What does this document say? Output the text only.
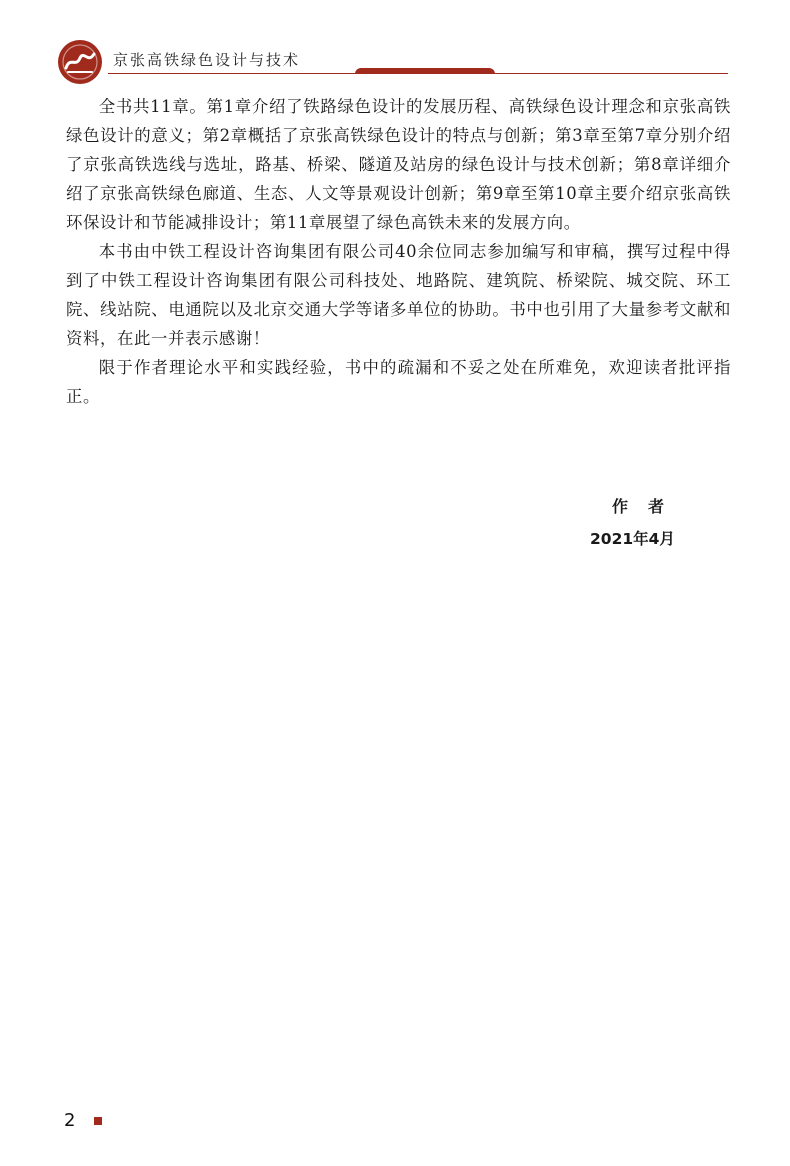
京张高铁绿色设计与技术

全书共11章。第1章介绍了铁路绿色设计的发展历程、高铁绿色设计理念和京张高铁绿色设计的意义；第2章概括了京张高铁绿色设计的特点与创新；第3章至第7章分别介绍了京张高铁选线与选址，路基、桥梁、隧道及站房的绿色设计与技术创新；第8章详细介绍了京张高铁绿色廊道、生态、人文等景观设计创新；第9章至第10章主要介绍京张高铁环保设计和节能减排设计；第11章展望了绿色高铁未来的发展方向。

本书由中铁工程设计咨询集团有限公司40余位同志参加编写和审稿，撰写过程中得到了中铁工程设计咨询集团有限公司科技处、地路院、建筑院、桥梁院、城交院、环工院、线站院、电通院以及北京交通大学等诸多单位的协助。书中也引用了大量参考文献和资料，在此一并表示感谢！

限于作者理论水平和实践经验，书中的疏漏和不妥之处在所难免，欢迎读者批评指正。

作者
2021年4月
2
